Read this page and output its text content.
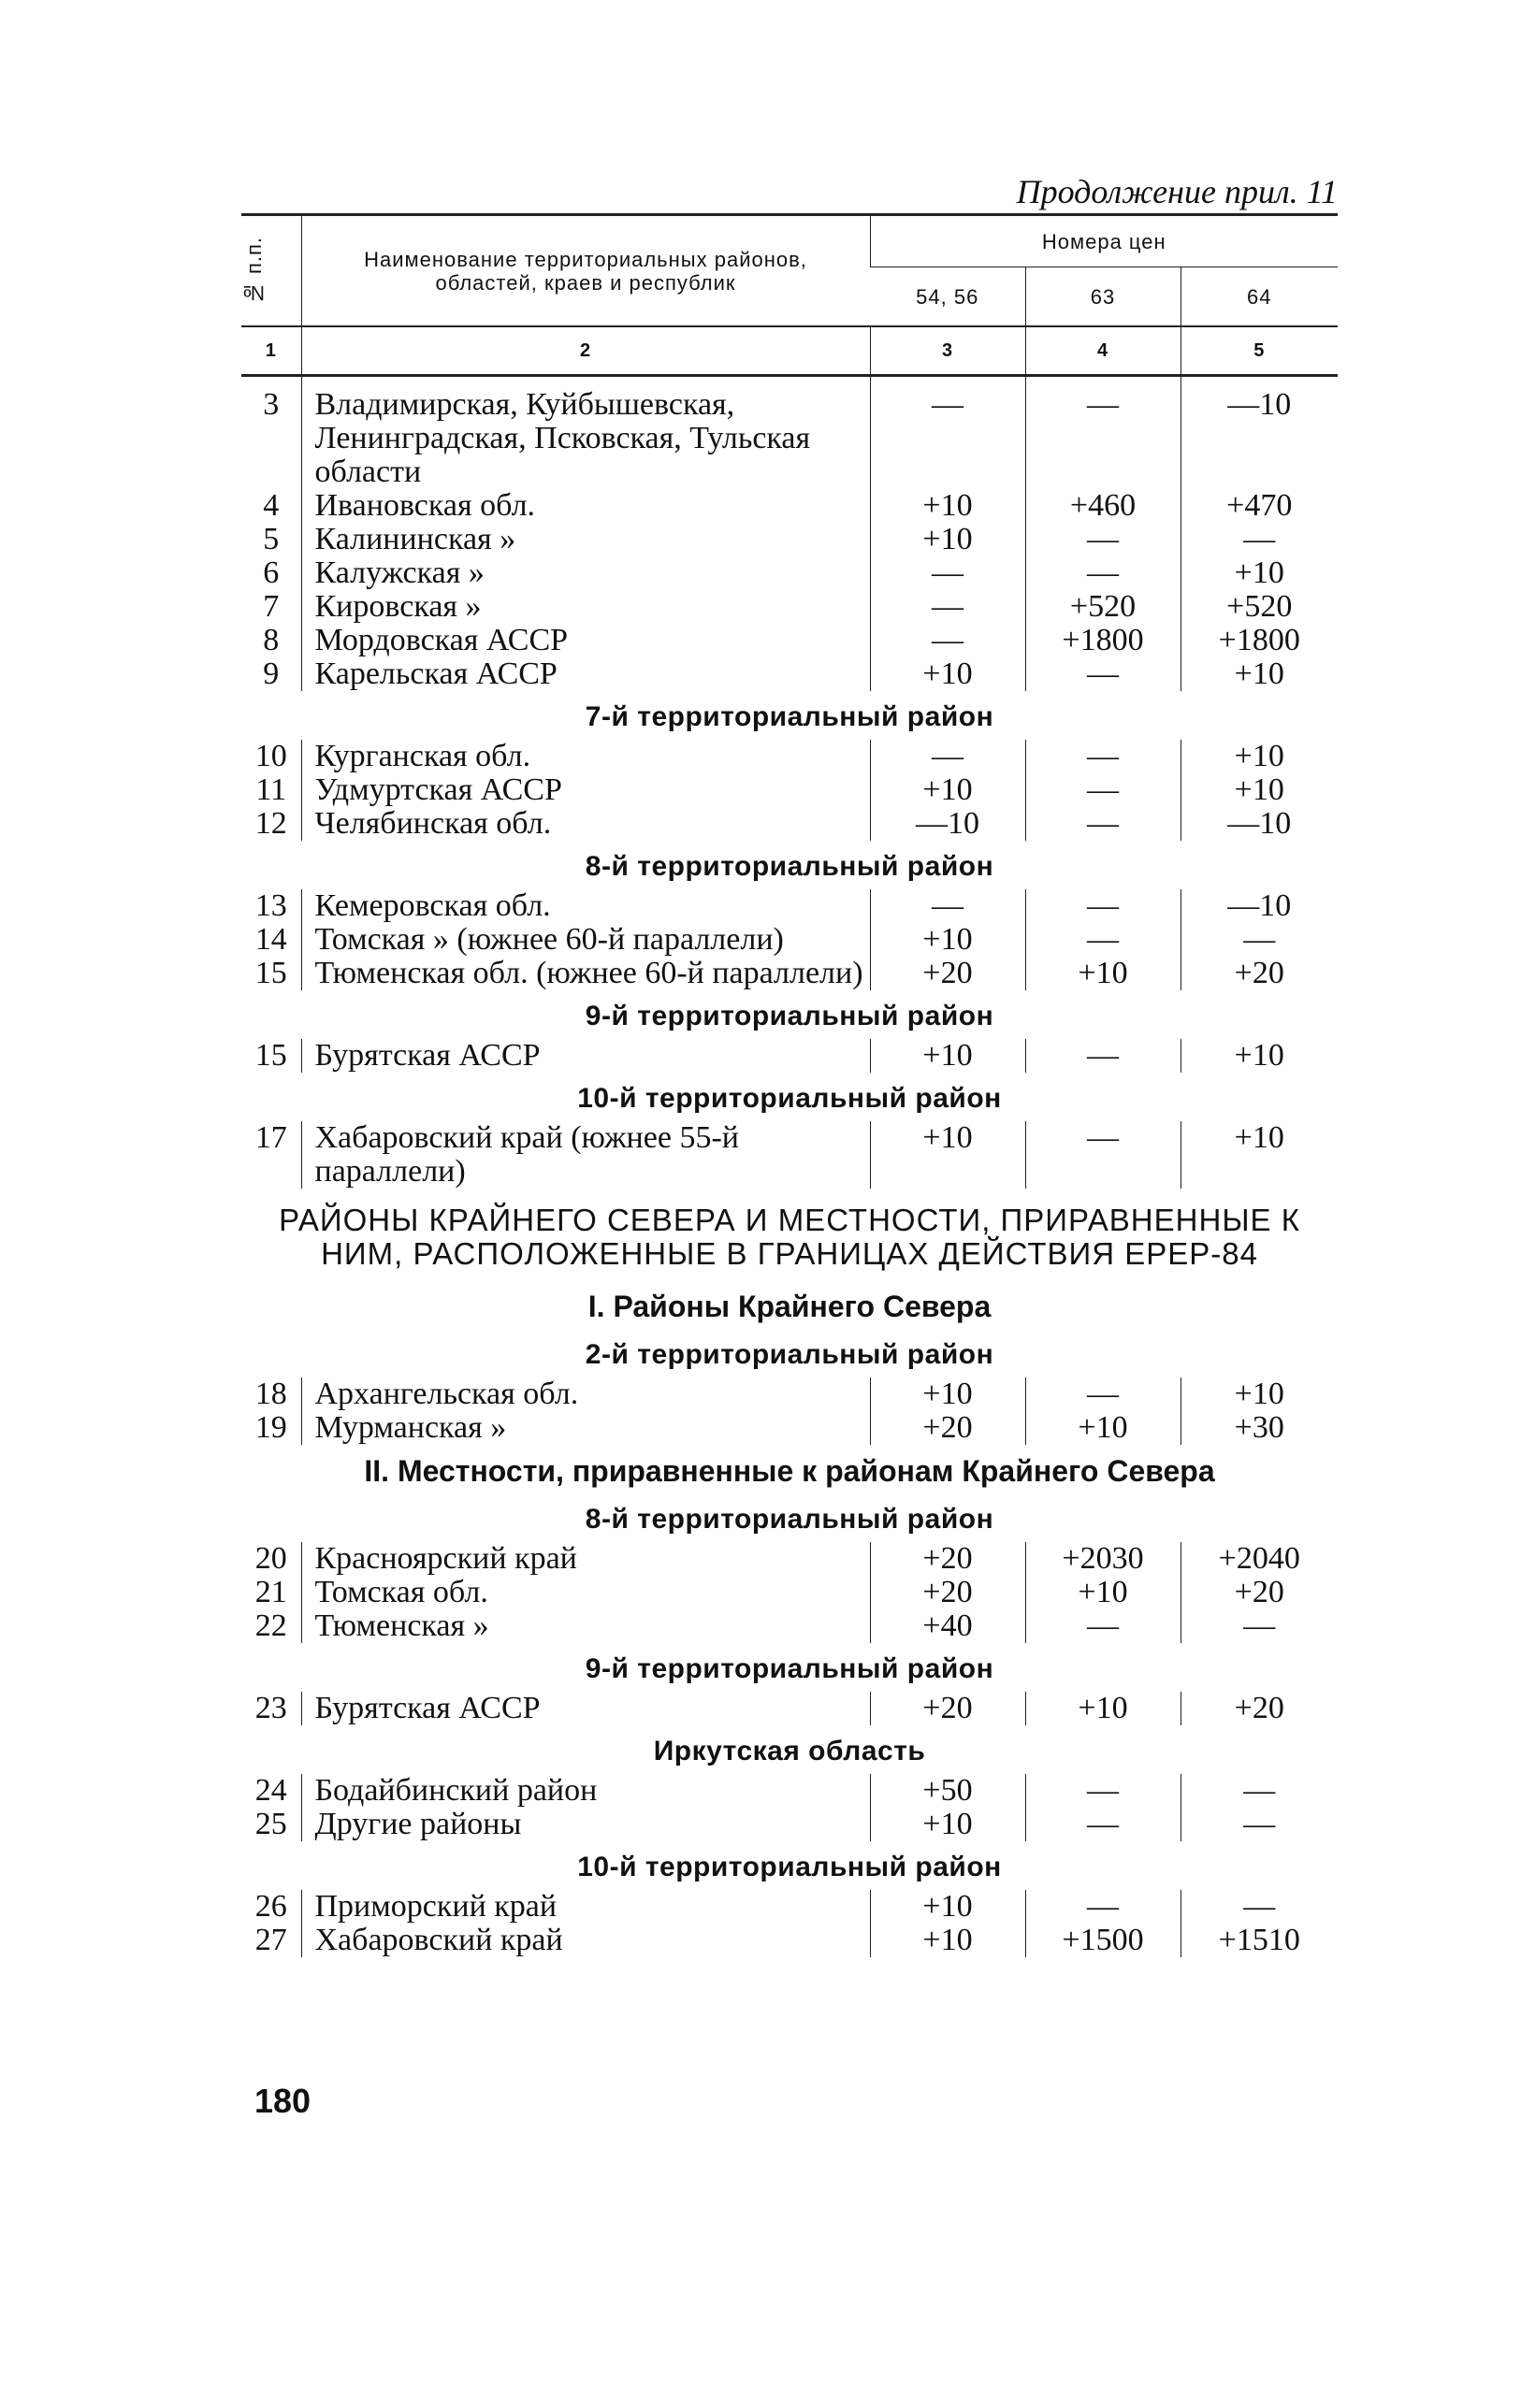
Продолжение прил. 11
№ п.п.	Наименование территориальных районов, областей, краев и республик	Номера цен		
		54, 56	63	64
1	2	3	4	5
3	Владимирская, Куйбышевская, Ленинградская, Псковская, Тульская области	—	—	—10
4	Ивановская обл.	+10	+460	+470
5	Калининская »	+10	—	—
6	Калужская »	—	—	+10
7	Кировская »	—	+520	+520
8	Мордовская АССР	—	+1800	+1800
9	Карельская АССР	+10	—	+10
7-й территориальный район				
10	Курганская обл.	—	—	+10
11	Удмуртская АССР	+10	—	+10
12	Челябинская обл.	—10	—	—10
8-й территориальный район				
13	Кемеровская обл.	—	—	—10
14	Томская » (южнее 60-й параллели)	+10	—	—
15	Тюменская обл. (южнее 60-й параллели)	+20	+10	+20
9-й территориальный район				
15	Бурятская АССР	+10	—	+10
10-й территориальный район				
17	Хабаровский край (южнее 55-й параллели)	+10	—	+10
РАЙОНЫ КРАЙНЕГО СЕВЕРА И МЕСТНОСТИ, ПРИРАВНЕННЫЕ К НИМ, РАСПОЛОЖЕННЫЕ В ГРАНИЦАХ ДЕЙСТВИЯ ЕРЕР-84				
I. Районы Крайнего Севера				
2-й территориальный район				
18	Архангельская обл.	+10	—	+10
19	Мурманская »	+20	+10	+30
II. Местности, приравненные к районам Крайнего Севера				
8-й территориальный район				
20	Красноярский край	+20	+2030	+2040
21	Томская обл.	+20	+10	+20
22	Тюменская »	+40	—	—
9-й территориальный район				
23	Бурятская АССР	+20	+10	+20
Иркутская область				
24	Бодайбинский район	+50	—	—
25	Другие районы	+10	—	—
10-й территориальный район				
26	Приморский край	+10	—	—
27	Хабаровский край	+10	+1500	+1510
180
